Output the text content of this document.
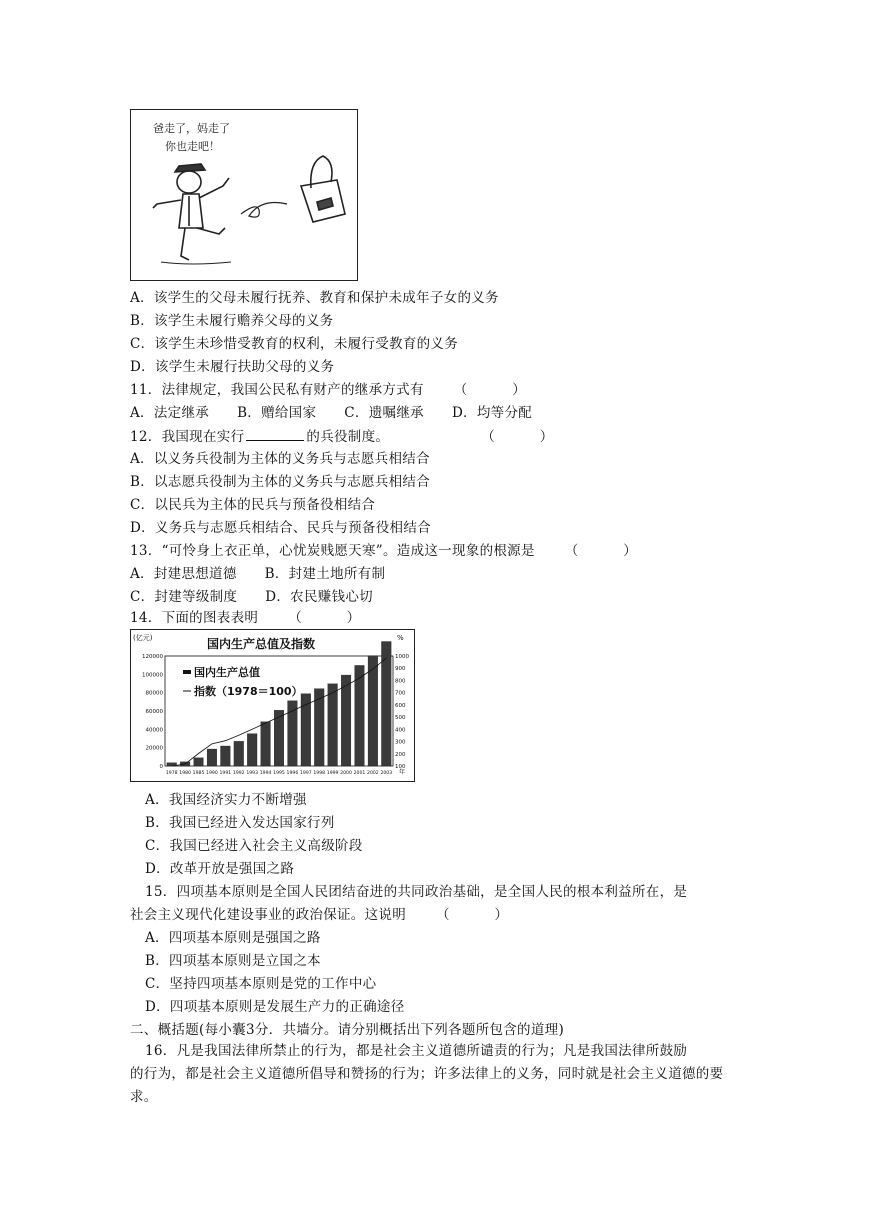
爸走了，妈走了 你也走吧！
A．该学生的父母未履行抚养、教育和保护未成年子女的义务
B．该学生未履行赡养父母的义务
C．该学生未珍惜受教育的权利，未履行受教育的义务
D．该学生未履行扶助父母的义务
11．法律规定，我国公民私有财产的继承方式有 （　　）
A．法定继承 B．赠给国家 C．遗嘱继承 D．均等分配
12．我国现在实行	的兵役制度。	（　　）
A．以义务兵役制为主体的义务兵与志愿兵相结合
B．以志愿兵役制为主体的义务兵与志愿兵相结合
C．以民兵为主体的民兵与预备役相结合
D．义务兵与志愿兵相结合、民兵与预备役相结合
13．“可怜身上衣正单，心忧炭贱愿天寒”。造成这一现象的根源是 （　　）
A．封建思想道德 B．封建土地所有制
C．封建等级制度 D．农民赚钱心切
14．下面的图表表明 （　　）
国内生产总值及指数
(亿元)	%
0
20000
40000
60000
80000
100000
120000
100
200
300
400
500
600
700
800
900
1000
1978 1980 1985 1990 1991 1992 1993 1994 1995 1996 1997 1998 1999 2000 2001 2002 2003 年
国内生产总值
指数（1978＝100）
A．我国经济实力不断增强
B．我国已经进入发达国家行列
C．我国已经进入社会主义高级阶段
D．改革开放是强国之路
15．四项基本原则是全国人民团结奋进的共同政治基础，是全国人民的根本利益所在，是
社会主义现代化建设事业的政治保证。这说明 （　　）
A．四项基本原则是强国之路
B．四项基本原则是立国之本
C．坚持四项基本原则是党的工作中心
D．四项基本原则是发展生产力的正确途径
二、概括题(每小囊3分．共墙分。请分别概括出下列各题所包含的道理)
16．凡是我国法律所禁止的行为，都是社会主义道德所谴责的行为；凡是我国法律所鼓励
的行为，都是社会主义道德所倡导和赞扬的行为；许多法律上的义务，同时就是社会主义道德的要求。
